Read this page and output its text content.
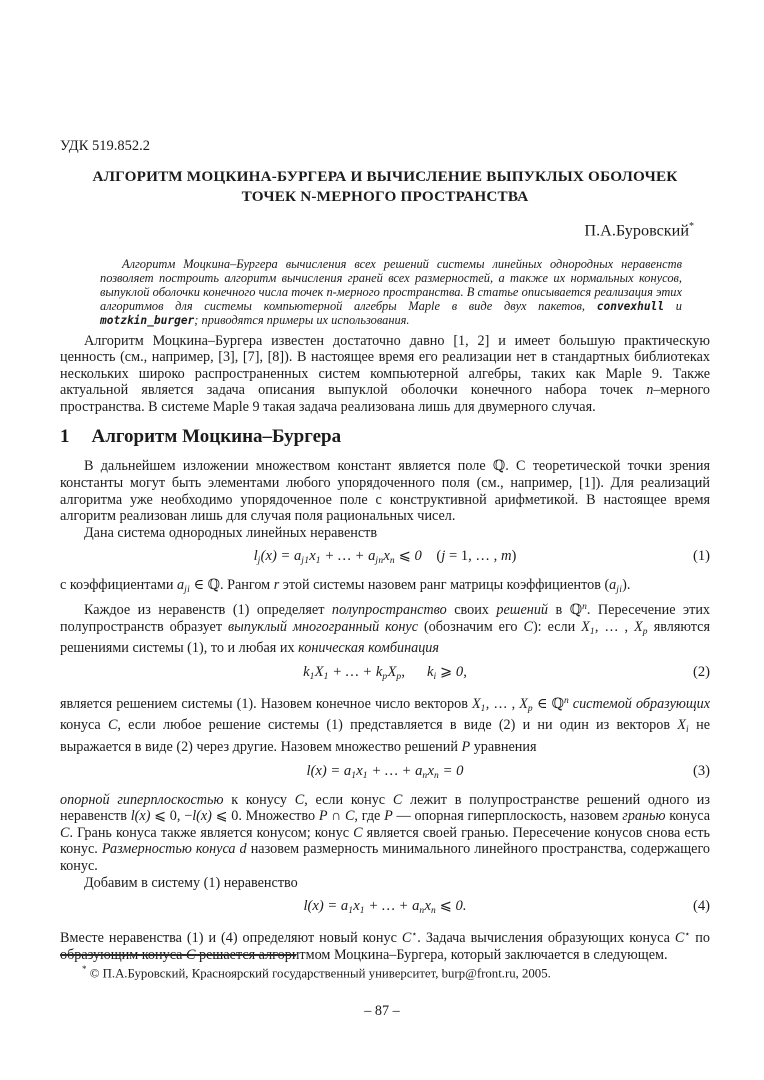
УДК 519.852.2
АЛГОРИТМ МОЦКИНА-БУРГЕРА И ВЫЧИСЛЕНИЕ ВЫПУКЛЫХ ОБОЛОЧЕК ТОЧЕК N-МЕРНОГО ПРОСТРАНСТВА
П.А.Буровский*

Алгоритм Моцкина–Бургера вычисления всех решений системы линейных однородных неравенств позволяет построить алгоритм вычисления граней всех размерностей, а также их нормальных конусов, выпуклой оболочки конечного числа точек n-мерного пространства. В статье описывается реализация этих алгоритмов для системы компьютерной алгебры Maple в виде двух пакетов, convexhull и motzkin_burger; приводятся примеры их использования.

Алгоритм Моцкина–Бургера известен достаточно давно [1, 2] и имеет большую практическую ценность (см., например, [3], [7], [8]). В настоящее время его реализации нет в стандартных библиотеках нескольких широко распространенных систем компьютерной алгебры, таких как Maple 9. Также актуальной является задача описания выпуклой оболочки конечного набора точек n–мерного пространства. В системе Maple 9 такая задача реализована лишь для двумерного случая.

1 Алгоритм Моцкина–Бургера

В дальнейшем изложении множеством констант является поле ℚ. С теоретической точки зрения константы могут быть элементами любого упорядоченного поля (см., например, [1]). Для реализаций алгоритма уже необходимо упорядоченное поле с конструктивной арифметикой. В настоящее время алгоритм реализован лишь для случая поля рациональных чисел.

Дана система однородных линейных неравенств

$l_j(x) = a_{j1}x_1$ + … + $a_{jn}x_n$ ⩽ 0  (j = 1, … , m)	(1)

с коэффициентами $a_{ji}$ ∈ ℚ. Рангом r этой системы назовем ранг матрицы коэффициентов $(a_{ji})$.

Каждое из неравенств (1) определяет полупространство своих решений в ℚ$^n$. Пересечение этих полупространств образует выпуклый многогранный конус (обозначим его C): если $X_1$, … , $X_p$ являются решениями системы (1), то и любая их коническая комбинация

$k_1X_1$ + … + $k_pX_p$,   $k_i$ ⩾ 0,	(2)

является решением системы (1). Назовем конечное число векторов $X_1$, … , $X_p$ ∈ ℚ$^n$ системой образующих конуса C, если любое решение системы (1) представляется в виде (2) и ни один из векторов $X_i$ не выражается в виде (2) через другие. Назовем множество решений P уравнения

$l(x) = a_1x_1$ + … + $a_nx_n = 0$	(3)

опорной гиперплоскостью к конусу C, если конус C лежит в полупространстве решений одного из неравенств l(x) ⩽ 0, −l(x) ⩽ 0. Множество P ∩ C, где P — опорная гиперплоскость, назовем гранью конуса C. Грань конуса также является конусом; конус C является своей гранью. Пересечение конусов снова есть конус. Размерностью конуса d назовем размерность минимального линейного пространства, содержащего конус.

Добавим в систему (1) неравенство

$l(x) = a_1x_1$ + … + $a_nx_n$ ⩽ 0.	(4)

Вместе неравенства (1) и (4) определяют новый конус C⋆. Задача вычисления образующих конуса C⋆ по образующим конуса C решается алгоритмом Моцкина–Бургера, который заключается в следующем.

* © П.А.Буровский, Красноярский государственный университет, burp@front.ru, 2005.
– 87 –
